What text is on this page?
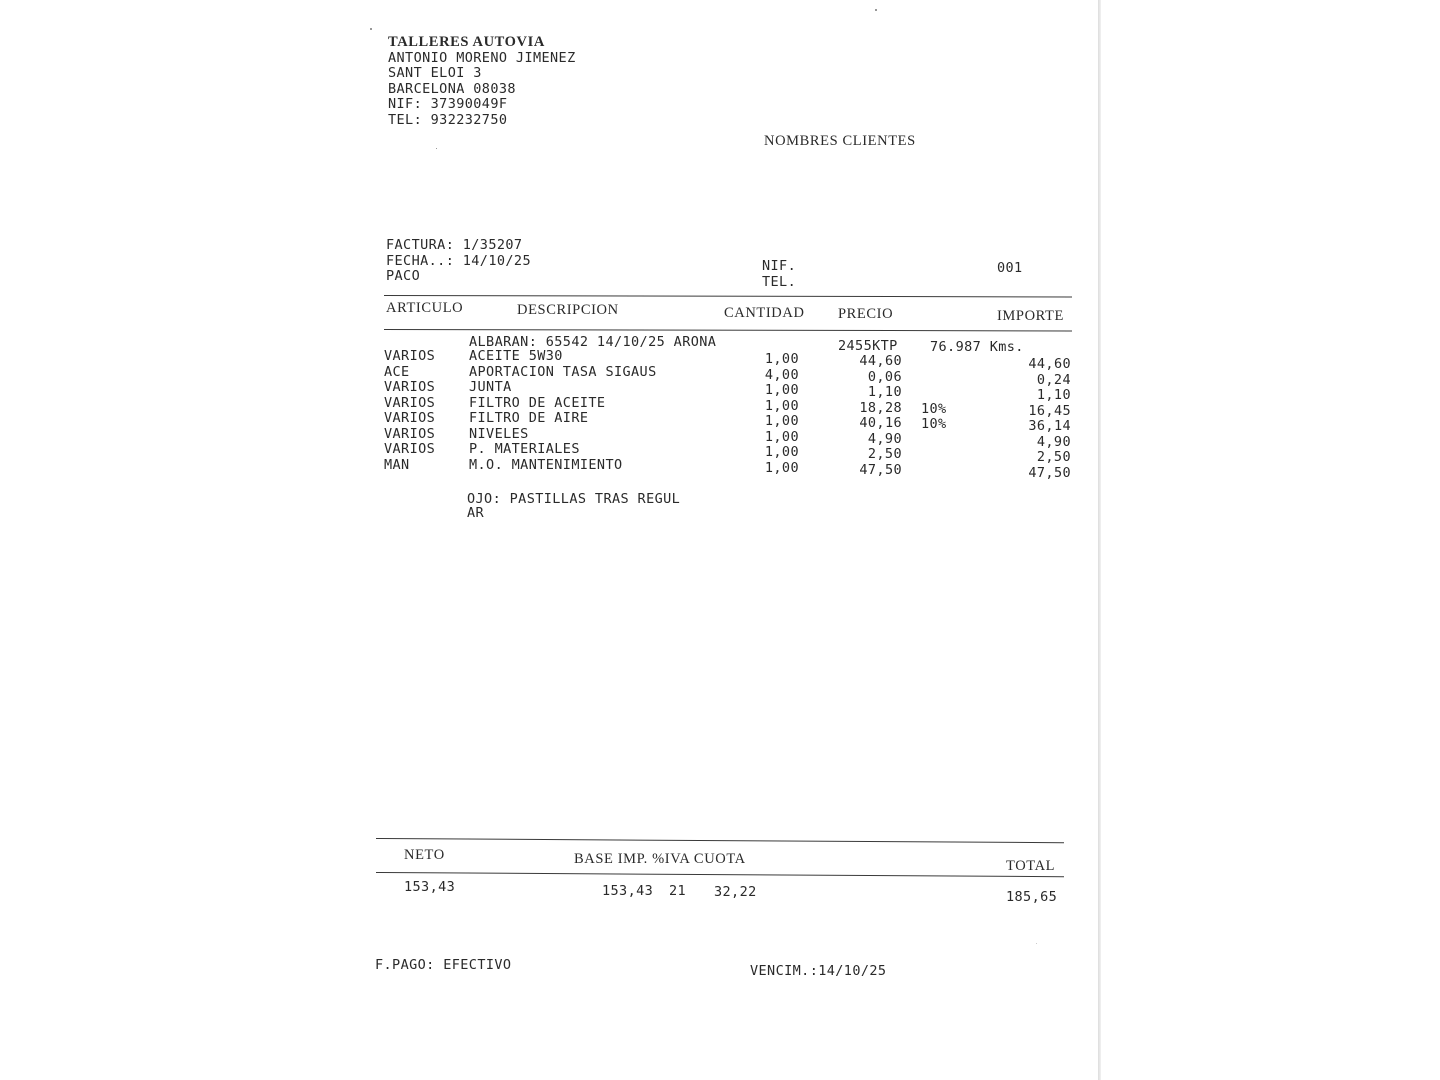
TALLERES AUTOVIA
ANTONIO MORENO JIMENEZ
SANT ELOI 3
BARCELONA 08038
NIF: 37390049F
TEL: 932232750
NOMBRES CLIENTES
FACTURA: 1/35207
FECHA..: 14/10/25
PACO
NIF.
TEL.
001
ARTICULO	DESCRIPCION	CANTIDAD PRECIO	IMPORTE
ALBARAN: 65542 14/10/25 ARONA	2455KTP 76.987 Kms.
VARIOS	ACEITE 5W30	1,00	44,60	44,60
ACE	APORTACION TASA SIGAUS	4,00	0,06	0,24
VARIOS	JUNTA	1,00	1,10	1,10
VARIOS	FILTRO DE ACEITE	1,00	18,28 10%	16,45
VARIOS	FILTRO DE AIRE	1,00	40,16 10%	36,14
VARIOS	NIVELES	1,00	4,90	4,90
VARIOS	P. MATERIALES	1,00	2,50	2,50
MAN	M.O. MANTENIMIENTO	1,00	47,50	47,50
OJO: PASTILLAS TRAS REGUL
AR
NETO	BASE IMP. %IVA CUOTA	TOTAL
153,43	153,43 21 32,22	185,65
F.PAGO: EFECTIVO	VENCIM.:14/10/25
